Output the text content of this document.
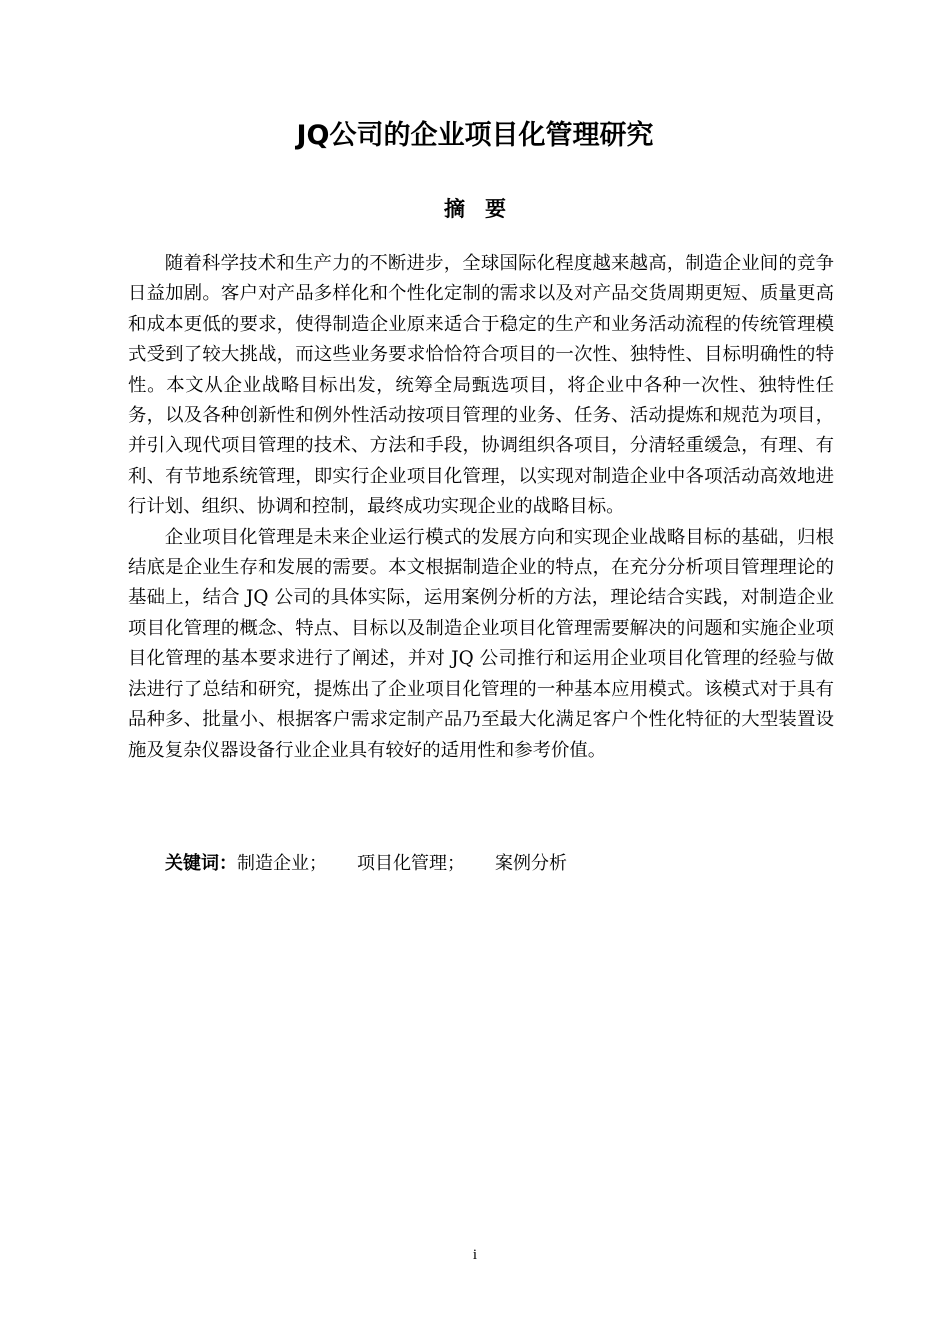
JQ公司的企业项目化管理研究
摘要

随着科学技术和生产力的不断进步，全球国际化程度越来越高，制造企业间的竞争日益加剧。客户对产品多样化和个性化定制的需求以及对产品交货周期更短、质量更高和成本更低的要求，使得制造企业原来适合于稳定的生产和业务活动流程的传统管理模式受到了较大挑战，而这些业务要求恰恰符合项目的一次性、独特性、目标明确性的特性。本文从企业战略目标出发，统筹全局甄选项目，将企业中各种一次性、独特性任务，以及各种创新性和例外性活动按项目管理的业务、任务、活动提炼和规范为项目，并引入现代项目管理的技术、方法和手段，协调组织各项目，分清轻重缓急，有理、有利、有节地系统管理，即实行企业项目化管理，以实现对制造企业中各项活动高效地进行计划、组织、协调和控制，最终成功实现企业的战略目标。

企业项目化管理是未来企业运行模式的发展方向和实现企业战略目标的基础，归根结底是企业生存和发展的需要。本文根据制造企业的特点，在充分分析项目管理理论的基础上，结合 JQ 公司的具体实际，运用案例分析的方法，理论结合实践，对制造企业项目化管理的概念、特点、目标以及制造企业项目化管理需要解决的问题和实施企业项目化管理的基本要求进行了阐述，并对 JQ 公司推行和运用企业项目化管理的经验与做法进行了总结和研究，提炼出了企业项目化管理的一种基本应用模式。该模式对于具有品种多、批量小、根据客户需求定制产品乃至最大化满足客户个性化特征的大型装置设施及复杂仪器设备行业企业具有较好的适用性和参考价值。

关键词：制造企业； 项目化管理； 案例分析
i
